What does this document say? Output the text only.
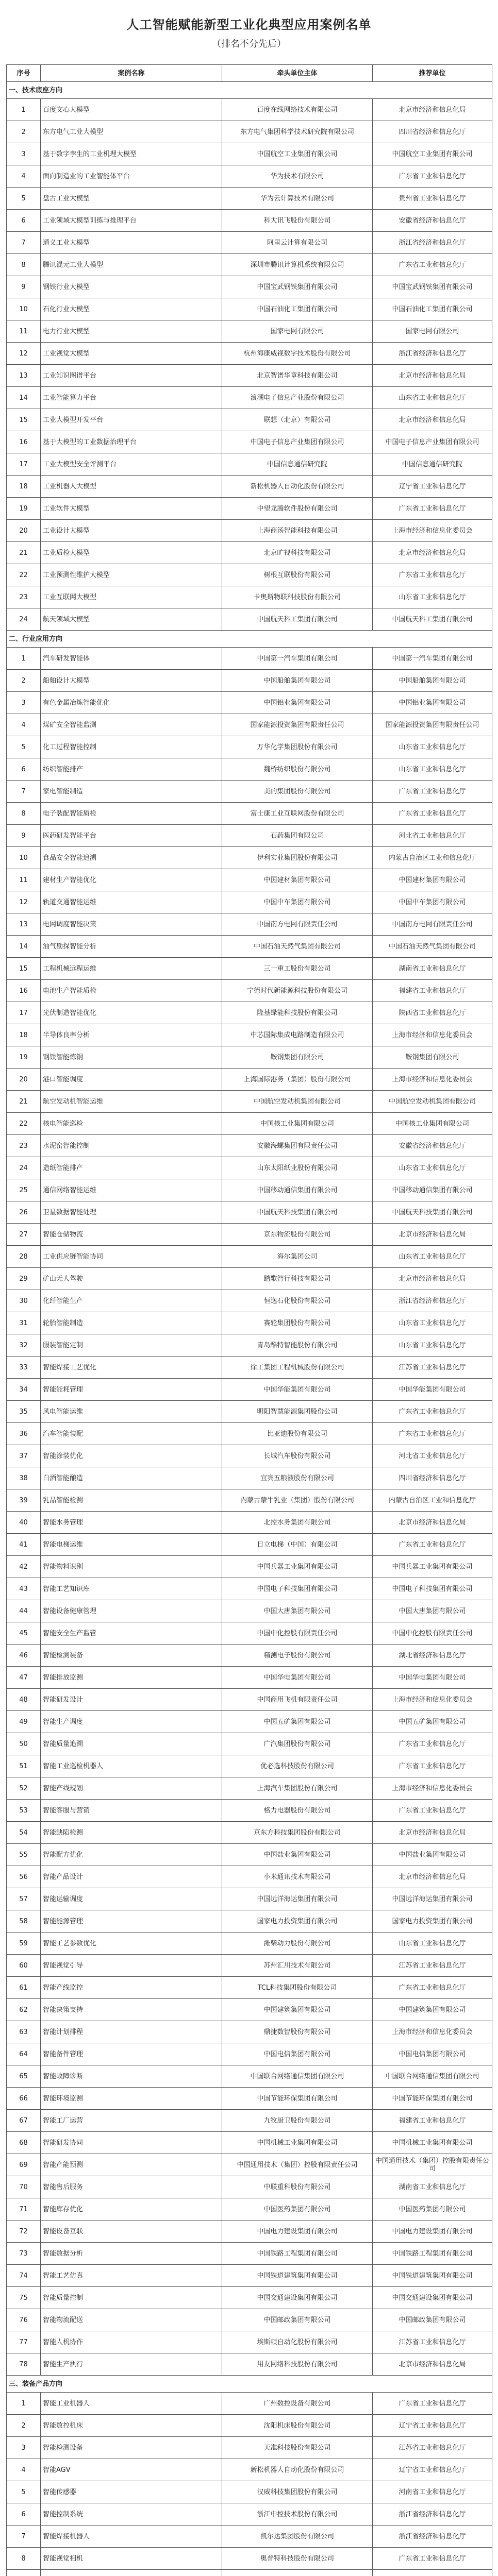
人工智能赋能新型工业化典型应用案例名单
（排名不分先后）
序号	案例名称	牵头单位主体	推荐单位
一、技术底座方向			
1	百度文心大模型	百度在线网络技术有限公司	北京市经济和信息化局
2	东方电气工业大模型	东方电气集团科学技术研究院有限公司	四川省经济和信息化厅
3	基于数字孪生的工业机理大模型	中国航空工业集团有限公司	中国航空工业集团有限公司
4	面向制造业的工业智能体平台	华为技术有限公司	广东省工业和信息化厅
5	盘古工业大模型	华为云计算技术有限公司	贵州省工业和信息化厅
6	工业领域大模型训练与推理平台	科大讯飞股份有限公司	安徽省经济和信息化厅
7	通义工业大模型	阿里云计算有限公司	浙江省经济和信息化厅
8	腾讯混元工业大模型	深圳市腾讯计算机系统有限公司	广东省工业和信息化厅
9	钢铁行业大模型	中国宝武钢铁集团有限公司	中国宝武钢铁集团有限公司
10	石化行业大模型	中国石油化工集团有限公司	中国石油化工集团有限公司
11	电力行业大模型	国家电网有限公司	国家电网有限公司
12	工业视觉大模型	杭州海康威视数字技术股份有限公司	浙江省经济和信息化厅
13	工业知识图谱平台	北京智谱华章科技有限公司	北京市经济和信息化局
14	工业智能算力平台	浪潮电子信息产业股份有限公司	山东省工业和信息化厅
15	工业大模型开发平台	联想（北京）有限公司	北京市经济和信息化局
16	基于大模型的工业数据治理平台	中国电子信息产业集团有限公司	中国电子信息产业集团有限公司
17	工业大模型安全评测平台	中国信息通信研究院	中国信息通信研究院
18	工业机器人大模型	新松机器人自动化股份有限公司	辽宁省工业和信息化厅
19	工业软件大模型	中望龙腾软件股份有限公司	广东省工业和信息化厅
20	工业设计大模型	上海商汤智能科技有限公司	上海市经济和信息化委员会
21	工业质检大模型	北京旷视科技有限公司	北京市经济和信息化局
22	工业预测性维护大模型	树根互联股份有限公司	广东省工业和信息化厅
23	工业互联网大模型	卡奥斯物联科技股份有限公司	山东省工业和信息化厅
24	航天领域大模型	中国航天科工集团有限公司	中国航天科工集团有限公司
二、行业应用方向			
1	汽车研发智能体	中国第一汽车集团有限公司	中国第一汽车集团有限公司
2	船舶设计大模型	中国船舶集团有限公司	中国船舶集团有限公司
3	有色金属冶炼智能优化	中国铝业集团有限公司	中国铝业集团有限公司
4	煤矿安全智能监测	国家能源投资集团有限责任公司	国家能源投资集团有限责任公司
5	化工过程智能控制	万华化学集团股份有限公司	山东省工业和信息化厅
6	纺织智能排产	魏桥纺织股份有限公司	山东省工业和信息化厅
7	家电智能制造	美的集团股份有限公司	广东省工业和信息化厅
8	电子装配智能质检	富士康工业互联网股份有限公司	广东省工业和信息化厅
9	医药研发智能平台	石药集团有限公司	河北省工业和信息化厅
10	食品安全智能追溯	伊利实业集团股份有限公司	内蒙古自治区工业和信息化厅
11	建材生产智能优化	中国建材集团有限公司	中国建材集团有限公司
12	轨道交通智能运维	中国中车集团有限公司	中国中车集团有限公司
13	电网调度智能决策	中国南方电网有限责任公司	中国南方电网有限责任公司
14	油气勘探智能分析	中国石油天然气集团有限公司	中国石油天然气集团有限公司
15	工程机械远程运维	三一重工股份有限公司	湖南省工业和信息化厅
16	电池生产智能质检	宁德时代新能源科技股份有限公司	福建省工业和信息化厅
17	光伏制造智能优化	隆基绿能科技股份有限公司	陕西省工业和信息化厅
18	半导体良率分析	中芯国际集成电路制造有限公司	上海市经济和信息化委员会
19	钢铁智能炼钢	鞍钢集团有限公司	鞍钢集团有限公司
20	港口智能调度	上海国际港务（集团）股份有限公司	上海市经济和信息化委员会
21	航空发动机智能运维	中国航空发动机集团有限公司	中国航空发动机集团有限公司
22	核电智能巡检	中国核工业集团有限公司	中国核工业集团有限公司
23	水泥窑智能控制	安徽海螺集团有限责任公司	安徽省经济和信息化厅
24	造纸智能排产	山东太阳纸业股份有限公司	山东省工业和信息化厅
25	通信网络智能运维	中国移动通信集团有限公司	中国移动通信集团有限公司
26	卫星数据智能处理	中国航天科技集团有限公司	中国航天科技集团有限公司
27	智能仓储物流	京东物流股份有限公司	北京市经济和信息化局
28	工业供应链智能协同	海尔集团公司	山东省工业和信息化厅
29	矿山无人驾驶	踏歌智行科技有限公司	北京市经济和信息化局
30	化纤智能生产	恒逸石化股份有限公司	浙江省经济和信息化厅
31	轮胎智能制造	赛轮集团股份有限公司	山东省工业和信息化厅
32	服装智能定制	青岛酷特智能股份有限公司	山东省工业和信息化厅
33	智能焊接工艺优化	徐工集团工程机械股份有限公司	江苏省工业和信息化厅
34	智能能耗管理	中国华能集团有限公司	中国华能集团有限公司
35	风电智能运维	明阳智慧能源集团股份公司	广东省工业和信息化厅
36	汽车智能装配	比亚迪股份有限公司	广东省工业和信息化厅
37	智能涂装优化	长城汽车股份有限公司	河北省工业和信息化厅
38	白酒智能酿造	宜宾五粮液股份有限公司	四川省经济和信息化厅
39	乳品智能检测	内蒙古蒙牛乳业（集团）股份有限公司	内蒙古自治区工业和信息化厅
40	智能水务管理	北控水务集团有限公司	北京市经济和信息化局
41	智能电梯运维	日立电梯（中国）有限公司	广东省工业和信息化厅
42	智能物料识别	中国兵器工业集团有限公司	中国兵器工业集团有限公司
43	智能工艺知识库	中国电子科技集团有限公司	中国电子科技集团有限公司
44	智能设备健康管理	中国大唐集团有限公司	中国大唐集团有限公司
45	智能安全生产监管	中国中化控股有限责任公司	中国中化控股有限责任公司
46	智能检测装备	精测电子股份有限公司	湖北省经济和信息化厅
47	智能排放监测	中国华电集团有限公司	中国华电集团有限公司
48	智能研发设计	中国商用飞机有限责任公司	上海市经济和信息化委员会
49	智能生产调度	中国五矿集团有限公司	中国五矿集团有限公司
50	智能质量追溯	广汽集团股份有限公司	广东省工业和信息化厅
51	智能工业巡检机器人	优必选科技股份有限公司	广东省工业和信息化厅
52	智能产线规划	上海汽车集团股份有限公司	上海市经济和信息化委员会
53	智能客服与营销	格力电器股份有限公司	广东省工业和信息化厅
54	智能缺陷检测	京东方科技集团股份有限公司	北京市经济和信息化局
55	智能配方优化	中国盐业集团有限公司	中国盐业集团有限公司
56	智能产品设计	小米通讯技术有限公司	北京市经济和信息化局
57	智能运输调度	中国远洋海运集团有限公司	中国远洋海运集团有限公司
58	智能能源管理	国家电力投资集团有限公司	国家电力投资集团有限公司
59	智能工艺参数优化	潍柴动力股份有限公司	山东省工业和信息化厅
60	智能视觉引导	苏州汇川技术有限公司	江苏省工业和信息化厅
61	智能产线监控	TCL科技集团股份有限公司	广东省工业和信息化厅
62	智能决策支持	中国建筑集团有限公司	中国建筑集团有限公司
63	智能计划排程	鼎捷数智股份有限公司	上海市经济和信息化委员会
64	智能备件管理	中国电信集团有限公司	中国电信集团有限公司
65	智能故障诊断	中国联合网络通信集团有限公司	中国联合网络通信集团有限公司
66	智能环境监测	中国节能环保集团有限公司	中国节能环保集团有限公司
67	智能工厂运营	九牧厨卫股份有限公司	福建省工业和信息化厅
68	智能研发协同	中国机械工业集团有限公司	中国机械工业集团有限公司
69	智能产能预测	中国通用技术（集团）控股有限责任公司	中国通用技术（集团）控股有限责任公司
70	智能售后服务	中联重科股份有限公司	湖南省工业和信息化厅
71	智能库存优化	中国医药集团有限公司	中国医药集团有限公司
72	智能设备互联	中国电力建设集团有限公司	中国电力建设集团有限公司
73	智能数据分析	中国铁路工程集团有限公司	中国铁路工程集团有限公司
74	智能工艺仿真	中国铁道建筑集团有限公司	中国铁道建筑集团有限公司
75	智能质量控制	中国交通建设集团有限公司	中国交通建设集团有限公司
76	智能物流配送	中国邮政集团有限公司	中国邮政集团有限公司
77	智能人机协作	埃斯顿自动化股份有限公司	江苏省工业和信息化厅
78	智能生产执行	用友网络科技股份有限公司	北京市经济和信息化局
三、装备产品方向			
1	智能工业机器人	广州数控设备有限公司	广东省工业和信息化厅
2	智能数控机床	沈阳机床股份有限公司	辽宁省工业和信息化厅
3	智能检测设备	天准科技股份有限公司	江苏省工业和信息化厅
4	智能AGV	新松机器人自动化股份有限公司	辽宁省工业和信息化厅
5	智能传感器	汉威科技集团股份有限公司	河南省工业和信息化厅
6	智能控制系统	浙江中控技术股份有限公司	浙江省经济和信息化厅
7	智能焊接机器人	凯尔达集团股份有限公司	浙江省经济和信息化厅
8	智能视觉相机	奥普特科技股份有限公司	广东省工业和信息化厅
